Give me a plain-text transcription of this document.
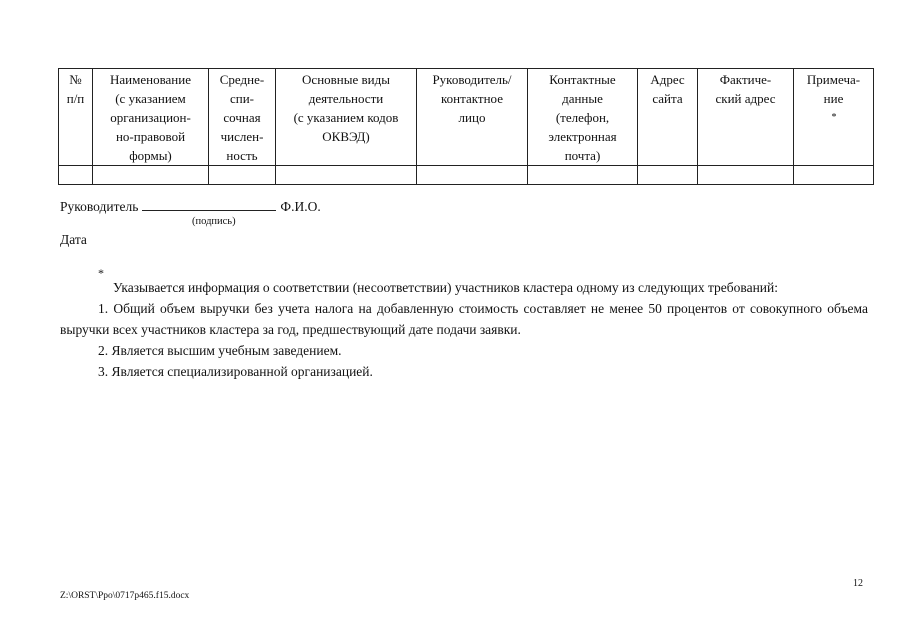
№
п/п	Наименование
(с указанием
организацион-
но-правовой
формы)	Средне-
спи-
сочная
числен-
ность	Основные виды
деятельности
(с указанием кодов
ОКВЭД)	Руководитель/
контактное
лицо	Контактные
данные
(телефон,
электронная
почта)	Адрес
сайта	Фактиче-
ский адрес	Примеча-
ние
*

Руководитель	Ф.И.О.
(подпись)
Дата
*

Указывается информация о соответствии (несоответствии) участников кластера одному из следующих требований:

1. Общий объем выручки без учета налога на добавленную стоимость составляет не менее 50 процентов от совокупного объема выручки всех участников кластера за год, предшествующий дате подачи заявки.

2. Является высшим учебным заведением.

3. Является специализированной организацией.

12
Z:\ORST\Ppo\0717p465.f15.docx
